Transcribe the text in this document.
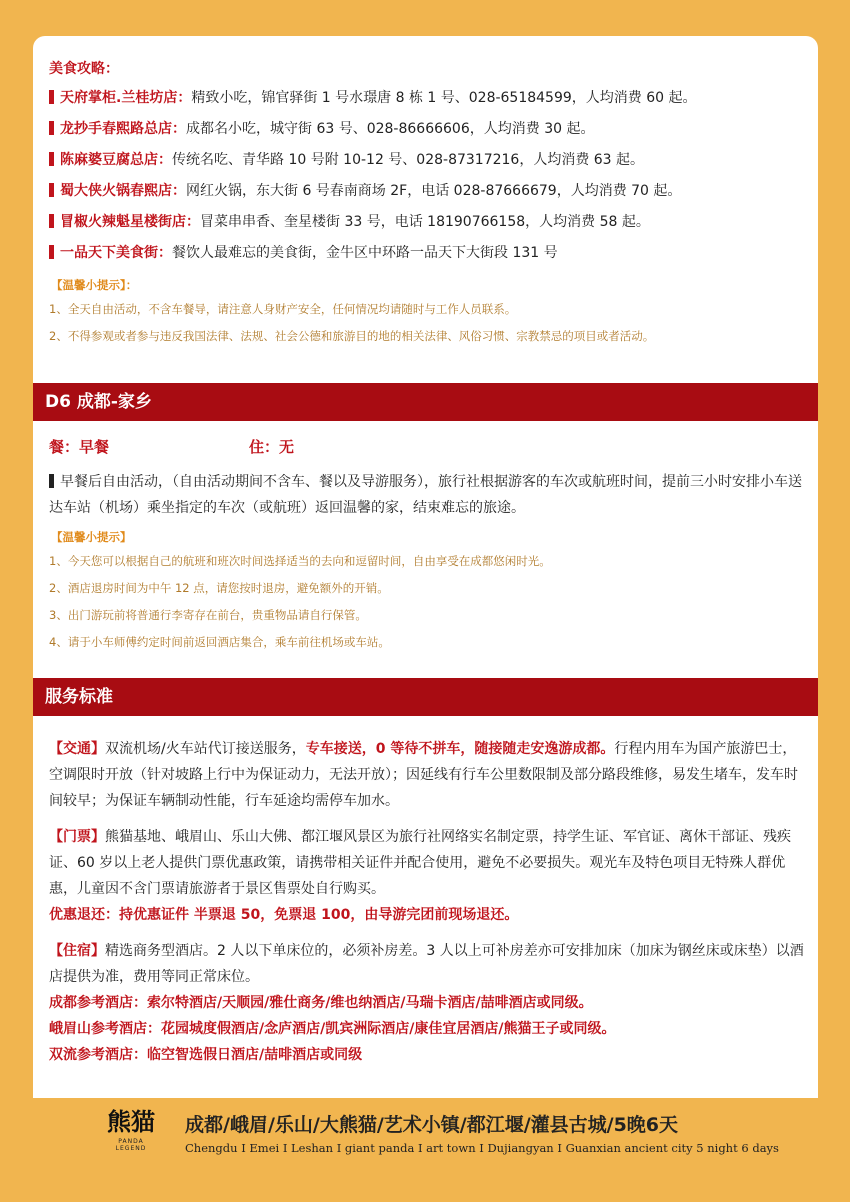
美食攻略：
天府掌柜.兰桂坊店：精致小吃，锦官驿街 1 号水璟唐 8 栋 1 号、028-65184599，人均消费 60 起。
龙抄手春熙路总店：成都名小吃，城守街 63 号、028-86666606，人均消费 30 起。
陈麻婆豆腐总店：传统名吃、青华路 10 号附 10-12 号、028-87317216，人均消费 63 起。
蜀大侠火锅春熙店：网红火锅，东大街 6 号春南商场 2F，电话 028-87666679，人均消费 70 起。
冒椒火辣魁星楼街店：冒菜串串香、奎星楼街 33 号，电话 18190766158，人均消费 58 起。
一品天下美食街：餐饮人最难忘的美食街，金牛区中环路一品天下大街段 131 号
【温馨小提示】：
1、全天自由活动，不含车餐导，请注意人身财产安全，任何情况均请随时与工作人员联系。
2、不得参观或者参与违反我国法律、法规、社会公德和旅游目的地的相关法律、风俗习惯、宗教禁忌的项目或者活动。
D6 成都-家乡
餐：早餐	住：无
早餐后自由活动，（自由活动期间不含车、餐以及导游服务），旅行社根据游客的车次或航班时间，提前三小时安排小车送达车站（机场）乘坐指定的车次（或航班）返回温馨的家，结束难忘的旅途。
【温馨小提示】
1、今天您可以根据自己的航班和班次时间选择适当的去向和逗留时间，自由享受在成都悠闲时光。
2、酒店退房时间为中午 12 点，请您按时退房，避免额外的开销。
3、出门游玩前将普通行李寄存在前台，贵重物品请自行保管。
4、请于小车师傅约定时间前返回酒店集合，乘车前往机场或车站。
服务标准
【交通】双流机场/火车站代订接送服务，专车接送，0 等待不拼车，随接随走安逸游成都。行程内用车为国产旅游巴士，空调限时开放（针对坡路上行中为保证动力，无法开放）；因延线有行车公里数限制及部分路段维修，易发生堵车，发车时间较早；为保证车辆制动性能，行车延途均需停车加水。
【门票】熊猫基地、峨眉山、乐山大佛、都江堰风景区为旅行社网络实名制定票，持学生证、军官证、离休干部证、残疾证、60 岁以上老人提供门票优惠政策，请携带相关证件并配合使用，避免不必要损失。观光车及特色项目无特殊人群优惠，儿童因不含门票请旅游者于景区售票处自行购买。
优惠退还：持优惠证件 半票退 50，免票退 100，由导游完团前现场退还。
【住宿】精选商务型酒店。2 人以下单床位的，必须补房差。3 人以上可补房差亦可安排加床（加床为钢丝床或床垫）以酒店提供为准，费用等同正常床位。
成都参考酒店：索尔特酒店/天顺园/雅仕商务/维也纳酒店/马瑞卡酒店/喆啡酒店或同级。
峨眉山参考酒店：花园城度假酒店/念庐酒店/凯宾洲际酒店/康佳宜居酒店/熊猫王子或同级。
双流参考酒店：临空智选假日酒店/喆啡酒店或同级
熊猫
PANDA LEGEND
成都/峨眉/乐山/大熊猫/艺术小镇/都江堰/灌县古城/5晚6天
Chengdu I Emei I Leshan I giant panda I art town I Dujiangyan I Guanxian ancient city 5 night 6 days
